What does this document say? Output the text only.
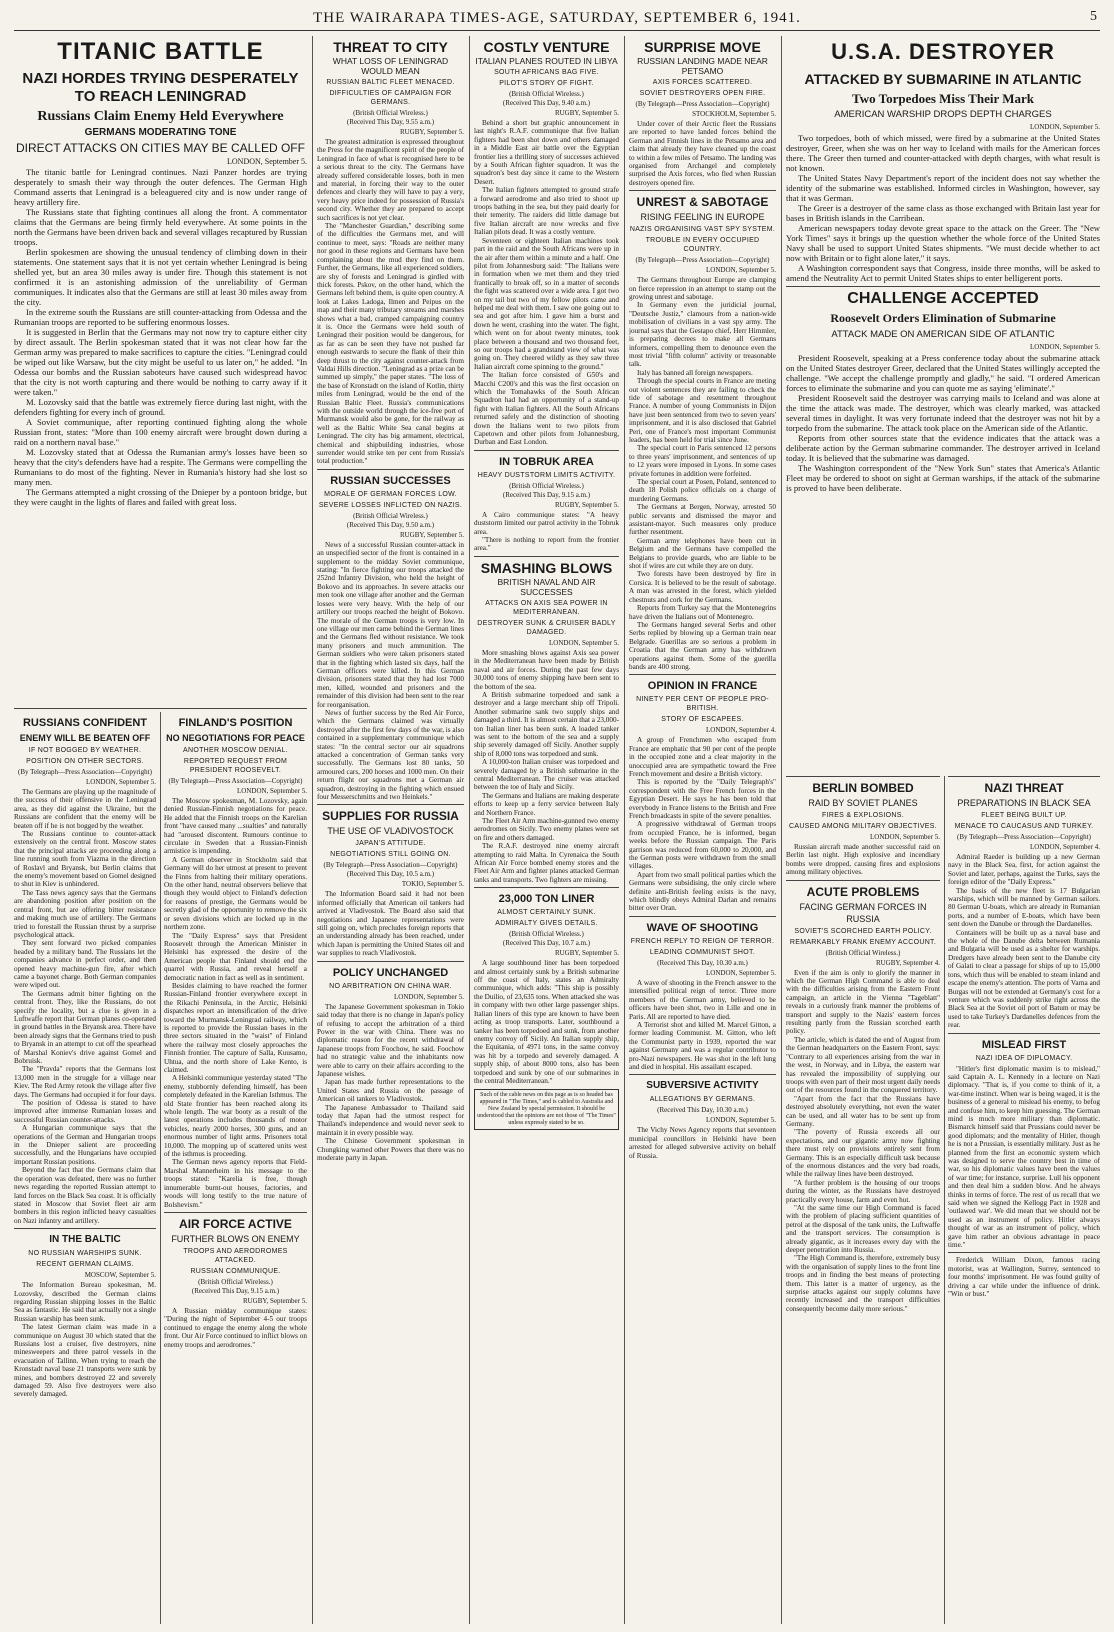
THE WAIRARAPA TIMES-AGE, SATURDAY, SEPTEMBER 6, 1941.	5
TITANIC BATTLE
NAZI HORDES TRYING DESPERATELY TO REACH LENINGRAD
Russians Claim Enemy Held Everywhere
GERMANS MODERATING TONE
DIRECT ATTACKS ON CITIES MAY BE CALLED OFF
LONDON, September 5.

The titanic battle for Leningrad continues. Nazi Panzer hordes are trying desperately to smash their way through the outer defences. The German High Command asserts that Leningrad is a beleaguered city and is now under range of heavy artillery fire.

The Russians state that fighting continues all along the front. A commentator claims that the Germans are being firmly held everywhere. At some points in the north the Germans have been driven back and several villages recaptured by Russian troops.

Berlin spokesmen are showing the unusual tendency of climbing down in their statements. One statement says that it is not yet certain whether Leningrad is being shelled yet, but an area 30 miles away is under fire. Though this statement is not confirmed it is an astonishing admission of the unreliability of German communiques. It indicates also that the Germans are still at least 30 miles away from the city.

In the extreme south the Russians are still counter-attacking from Odessa and the Rumanian troops are reported to be suffering enormous losses.

It is suggested in Berlin that the Germans may not now try to capture either city by direct assault. The Berlin spokesman stated that it was not clear how far the German army was prepared to make sacrifices to capture the cities. "Leningrad could be wiped out like Warsaw, but the city might be useful to us later on," he added. "In Odessa our bombs and the Russian saboteurs have caused such widespread havoc that the city is not worth capturing and there would be nothing to carry away if it were taken."

M. Lozovsky said that the battle was extremely fierce during last night, with the defenders fighting for every inch of ground.

A Soviet communique, after reporting continued fighting along the whole Russian front, states: "More than 100 enemy aircraft were brought down during a raid on a northern naval base."

M. Lozovsky stated that at Odessa the Rumanian army's losses have been so heavy that the city's defenders have had a respite. The Germans were compelling the Rumanians to do most of the fighting. Never in Rumania's history had she lost so many men.

The Germans attempted a night crossing of the Dnieper by a pontoon bridge, but they were caught in the lights of flares and failed with great loss.

RUSSIANS CONFIDENT
ENEMY WILL BE BEATEN OFF
IF NOT BOGGED BY WEATHER.
POSITION ON OTHER SECTORS.
(By Telegraph—Press Association—Copyright)
LONDON, September 5.

The Germans are playing up the magnitude of the success of their offensive in the Leningrad area, as they did against the Ukraine, but the Russians are confident that the enemy will be beaten off if he is not bogged by the weather.

The Russians continue to counter-attack extensively on the central front. Moscow states that the principal attacks are proceeding along a line running south from Viazma in the direction of Roslavl and Bryansk, but Berlin claims that the enemy's movement based on Gomel designed to shut in Kiev is unhindered.

The Tass news agency says that the Germans are abandoning position after position on the central front, but are offering bitter resistance and making much use of artillery. The Germans tried to forestall the Russian thrust by a surprise psychological attack.

They sent forward two picked companies headed by a military band. The Russians let the companies advance in perfect order, and then opened heavy machine-gun fire, after which came a bayonet charge. Both German companies were wiped out.

The Germans admit bitter fighting on the central front. They, like the Russians, do not specify the locality, but a clue is given in a Luftwaffe report that German planes co-operated in ground battles in the Bryansk area. There have been already signs that the Germans tried to push to Bryansk in an attempt to cut off the spearhead of Marshal Koniev's drive against Gomel and Bobruisk.

The "Pravda" reports that the Germans lost 13,000 men in the struggle for a village near Kiev. The Red Army retook the village after five days. The Germans had occupied it for four days.

The position of Odessa is stated to have improved after immense Rumanian losses and successful Russian counter-attacks.

A Hungarian communique says that the operations of the German and Hungarian troops in the Dnieper salient are proceeding successfully, and the Hungarians have occupied important Russian positions.

Beyond the fact that the Germans claim that the operation was defeated, there was no further news regarding the reported Russian attempt to land forces on the Black Sea coast. It is officially stated in Moscow that Soviet fleet air arm bombers in this region inflicted heavy casualties on Nazi infantry and artillery.

IN THE BALTIC
NO RUSSIAN WARSHIPS SUNK.
RECENT GERMAN CLAIMS.
MOSCOW, September 5.

The Information Bureau spokesman, M. Lozovsky, described the German claims regarding Russian shipping losses in the Baltic Sea as fantastic. He said that actually not a single Russian warship has been sunk.

The latest German claim was made in a communique on August 30 which stated that the Russians lost a cruiser, five destroyers, nine minesweepers and three patrol vessels in the evacuation of Tallinn. When trying to reach the Kronstadt naval base 21 transports were sunk by mines, and bombers destroyed 22 and severely damaged 59. Also five destroyers were also severely damaged.

FINLAND'S POSITION
NO NEGOTIATIONS FOR PEACE
ANOTHER MOSCOW DENIAL.
REPORTED REQUEST FROM PRESIDENT ROOSEVELT.
(By Telegraph—Press Association—Copyright)
LONDON, September 5.

The Moscow spokesman, M. Lozovsky, again denied Russian-Finnish negotiations for peace. He added that the Finnish troops on the Karelian front "have caused many ...sualties" and naturally had "aroused discontent. Rumours continue to circulate in Sweden that a Russian-Finnish armistice is impending.

A German observer in Stockholm said that Germany will do her utmost at present to prevent the Finns from halting their military operations. On the other hand, neutral observers believe that though they would object to Finland's defection for reasons of prestige, the Germans would be secretly glad of the opportunity to remove the six or seven divisions which are locked up in the northern zone.

The "Daily Express" says that President Roosevelt through the American Minister in Helsinki has expressed the desire of the American people that Finland should end the quarrel with Russia, and reveal herself a democratic nation in fact as well as in sentiment.

Besides claiming to have reached the former Russian-Finland frontier everywhere except in the Rikachi Peninsula, in the Arctic, Helsinki dispatches report an intensification of the drive toward the Murmansk-Leningrad railway, which is reported to provide the Russian bases in the three sectors situated in the "waist" of Finland where the railway most closely approaches the Finnish frontier. The capture of Salla, Kuusamo, Uhtua, and the north shore of Lake Kento, is claimed.

A Helsinki communique yesterday stated "The enemy, stubbornly defending himself, has been completely defeated in the Karelian Isthmus. The old State frontier has been reached along its whole length. The war booty as a result of the latest operations includes thousands of motor vehicles, nearly 2000 horses, 300 guns, and an enormous number of light arms. Prisoners total 10,000. The mopping up of scattered units west of the isthmus is proceeding.

The German news agency reports that Field-Marshal Mannerheim in his message to the troops stated: "Karelia is free, though innumerable burnt-out houses, factories, and woods will long testify to the true nature of Bolshevism."

AIR FORCE ACTIVE
FURTHER BLOWS ON ENEMY
TROOPS AND AERODROMES ATTACKED.
RUSSIAN COMMUNIQUE.
(British Official Wireless.)
(Received This Day, 9.15 a.m.)
RUGBY, September 5.

A Russian midday communique states: "During the night of September 4-5 our troops continued to engage the enemy along the whole front. Our Air Force continued to inflict blows on enemy troops and aerodromes."

THREAT TO CITY
WHAT LOSS OF LENINGRAD WOULD MEAN
RUSSIAN BALTIC FLEET MENACED.
DIFFICULTIES OF CAMPAIGN FOR GERMANS.
(British Official Wireless.)
(Received This Day, 9.55 a.m.)
RUGBY, September 5.

The greatest admiration is expressed throughout the Press for the magnificent spirit of the people of Leningrad in face of what is recognised here to be a serious threat to the city. The Germans have already suffered considerable losses, both in men and material, in forcing their way to the outer defences and clearly they will have to pay a very, very heavy price indeed for possession of Russia's second city. Whether they are prepared to accept such sacrifices is not yet clear.

The "Manchester Guardian," describing some of the difficulties the Germans met, and will continue to meet, says: "Roads are neither many nor good in these regions and Germans have been complaining about the mud they find on them. Further, the Germans, like all experienced soldiers, are shy of forests and Leningrad is girdled with thick forests. Pskov, on the other hand, which the Germans left behind them, is quite open country. A look at Lakes Ladoga, Ilmen and Peipus on the map and their many tributary streams and marshes shows what a bad, cramped campaigning country it is. Once the Germans were held south of Leningrad their position would be dangerous, for as far as can be seen they have not pushed far enough eastwards to secure the flank of their thin deep thrust to the city against counter-attack from Valdai Hills direction. "Leningrad as a prize can be summed up simply," the paper states. "The loss of the base of Kronstadt on the island of Kotlin, thirty miles from Leningrad, would be the end of the Russian Baltic Fleet. Russia's communications with the outside world through the ice-free port of Murmansk would also be gone, for the railway as well as the Baltic White Sea canal begins at Leningrad. The city has big armament, electrical, chemical and shipbuilding industries, whose surrender would strike ten per cent from Russia's total production."

RUSSIAN SUCCESSES
MORALE OF GERMAN FORCES LOW.
SEVERE LOSSES INFLICTED ON NAZIS.
(British Official Wireless.)
(Received This Day, 9.50 a.m.)
RUGBY, September 5.

News of a successful Russian counter-attack in an unspecified sector of the front is contained in a supplement to the midday Soviet communique, stating: "In fierce fighting our troops attacked the 252nd Infantry Division, who held the height of Bokovo and its approaches. In severe attacks our men took one village after another and the German losses were very heavy. With the help of our artillery our troops reached the height of Bokovo. The morale of the German troops is very low. In one village our men came behind the German lines and the Germans fled without resistance. We took many prisoners and much ammunition. The German soldiers who were taken prisoners stated that in the fighting which lasted six days, half the German officers were killed. In this German division, prisoners stated that they had lost 7000 men, killed, wounded and prisoners and the remainder of this division had been sent to the rear for reorganisation.

News of further success by the Red Air Force, which the Germans claimed was virtually destroyed after the first few days of the war, is also contained in a supplementary communique which states: "In the central sector our air squadrons attacked a concentration of German tanks very successfully. The Germans lost 80 tanks, 50 armoured cars, 200 horses and 1000 men. On their return flight our squadrons met a German air squadron, destroying in the fighting which ensued four Messerschmitts and two Heinkels."

SUPPLIES FOR RUSSIA
THE USE OF VLADIVOSTOCK
JAPAN'S ATTITUDE.
NEGOTIATIONS STILL GOING ON.
(By Telegraph—Press Association—Copyright)
(Received This Day, 10.5 a.m.)
TOKIO, September 5.

The Information Board said it had not been informed officially that American oil tankers had arrived at Vladivostok. The Board also said that negotiations and Japanese representations were still going on, which precludes foreign reports that an understanding already has been reached, under which Japan is permitting the United States oil and war supplies to reach Vladivostok.

POLICY UNCHANGED
NO ARBITRATION ON CHINA WAR.
LONDON, September 5.

The Japanese Government spokesman in Tokio said today that there is no change in Japan's policy of refusing to accept the arbitration of a third Power in the war with China. There was no diplomatic reason for the recent withdrawal of Japanese troops from Foochow, he said. Foochow had no strategic value and the inhabitants now were able to carry on their affairs according to the Japanese wishes.

Japan has made further representations to the United States and Russia on the passage of American oil tankers to Vladivostok.

The Japanese Ambassador to Thailand said today that Japan had the utmost respect for Thailand's independence and would never seek to maintain it in every possible way.

The Chinese Government spokesman in Chungking warned other Powers that there was no moderate party in Japan.

COSTLY VENTURE
ITALIAN PLANES ROUTED IN LIBYA
SOUTH AFRICANS BAG FIVE.
PILOT'S STORY OF FIGHT.
(British Official Wireless.)
(Received This Day, 9.40 a.m.)
RUGBY, September 5.

Behind a short but graphic announcement in last night's R.A.F. communique that five Italian fighters had been shot down and others damaged in a Middle East air battle over the Egyptian frontier lies a thrilling story of successes achieved by a South African fighter squadron. It was the squadron's best day since it came to the Western Desert.

The Italian fighters attempted to ground strafe a forward aerodrome and also tried to shoot up troops bathing in the sea, but they paid dearly for their temerity. The raiders did little damage but five Italian aircraft are now wrecks and five Italian pilots dead. It was a costly venture.

Seventeen or eighteen Italian machines took part in the raid and the South Africans were up in the air after them within a minute and a half. One pilot from Johannesburg said: "The Italians were in formation when we met them and they tried frantically to break off, so in a matter of seconds the fight was scattered over a wide area. I got two on my tail but two of my fellow pilots came and helped me deal with them. I saw one going out to sea and got after him. I gave him a burst and down he went, crashing into the water. The fight, which went on for about twenty minutes, took place between a thousand and two thousand feet, so our troops had a grandstand view of what was going on. They cheered wildly as they saw three Italian aircraft come spinning to the ground."

The Italian force consisted of G50's and Macchi C200's and this was the first occasion on which the Tomahawks of the South African Squadron had had an opportunity of a stand-up fight with Italian fighters. All the South Africans returned safely and the distinction of shooting down the Italians went to two pilots from Capetown and other pilots from Johannesburg, Durban and East London.

IN TOBRUK AREA
HEAVY DUSTSTORM LIMITS ACTIVITY.
(British Official Wireless.)
(Received This Day, 9.15 a.m.)
RUGBY, September 5.

A Cairo communique states: "A heavy duststorm limited our patrol activity in the Tobruk area.

"There is nothing to report from the frontier area."

SMASHING BLOWS
BRITISH NAVAL AND AIR SUCCESSES
ATTACKS ON AXIS SEA POWER IN MEDITERRANEAN.
DESTROYER SUNK & CRUISER BADLY DAMAGED.
LONDON, September 5.

More smashing blows against Axis sea power in the Mediterranean have been made by British naval and air forces. During the past few days 30,000 tons of enemy shipping have been sent to the bottom of the sea.

A British submarine torpedoed and sank a destroyer and a large merchant ship off Tripoli. Another submarine sank two supply ships and damaged a third. It is almost certain that a 23,000-ton Italian liner has been sunk. A loaded tanker was sent to the bottom of the sea and a supply ship severely damaged off Sicily. Another supply ship of 8,000 tons was torpedoed and sunk.

A 10,000-ton Italian cruiser was torpedoed and severely damaged by a British submarine in the central Mediterranean. The cruiser was attacked between the toe of Italy and Sicily.

The Germans and Italians are making desperate efforts to keep up a ferry service between Italy and Northern France.

The Fleet Air Arm machine-gunned two enemy aerodromes on Sicily. Two enemy planes were set on fire and others damaged.

The R.A.F. destroyed nine enemy aircraft attempting to raid Malta. In Cyrenaica the South African Air Force bombed enemy stores and the Fleet Air Arm and fighter planes attacked German tanks and transports. Two fighters are missing.

23,000 TON LINER
ALMOST CERTAINLY SUNK.
ADMIRALTY GIVES DETAILS.
(British Official Wireless.)
(Received This Day, 10.7 a.m.)
RUGBY, September 5.

A large southbound liner has been torpedoed and almost certainly sunk by a British submarine off the coast of Italy, states an Admiralty communique, which adds: "This ship is possibly the Duilio, of 23,635 tons. When attacked she was in company with two other large passenger ships. Italian liners of this type are known to have been acting as troop transports. Later, southbound a tanker has been torpedoed and sunk, from another enemy convoy off Sicily. An Italian supply ship, the Equitania, of 4971 tons, in the same convoy was hit by a torpedo and severely damaged. A supply ship, of about 8000 tons, also has been torpedoed and sunk by one of our submarines in the central Mediterranean."

Such of the cable news on this page as is so headed has appeared in "The Times," and is cabled to Australia and New Zealand by special permission. It should be understood that the opinions are not those of "The Times" unless expressly stated to be so.
SURPRISE MOVE
RUSSIAN LANDING MADE NEAR PETSAMO
AXIS FORCES SCATTERED.
SOVIET DESTROYERS OPEN FIRE.
(By Telegraph—Press Association—Copyright)
STOCKHOLM, September 5.

Under cover of their Arctic fleet the Russians are reported to have landed forces behind the German and Finnish lines in the Petsamo area and claim that already they have cleaned up the coast to within a few miles of Petsamo. The landing was organised from Archangel and completely surprised the Axis forces, who fled when Russian destroyers opened fire.

UNREST & SABOTAGE
RISING FEELING IN EUROPE
NAZIS ORGANISING VAST SPY SYSTEM.
TROUBLE IN EVERY OCCUPIED COUNTRY.
(By Telegraph—Press Association—Copyright)
LONDON, September 5.

The Germans throughout Europe are clamping on fierce repression in an attempt to stamp out the growing unrest and sabotage.

In Germany even the juridicial journal, "Deutsche Justiz," clamours from a nation-wide mobilisation of civilians in a vast spy army. The journal says that the Gestapo chief, Herr Himmler, is preparing decrees to make all Germans informers, compelling them to denounce even the most trivial "fifth column" activity or treasonable talk.

Italy has banned all foreign newspapers.

Through the special courts in France are meting out violent sentences they are failing to check the tide of sabotage and resentment throughout France. A number of young Communists in Dijon have just been sentenced from two to seven years' imprisonment, and it is also disclosed that Gabriel Peri, one of France's most important Communist leaders, has been held for trial since June.

The special court in Paris sentenced 12 persons to three years' imprisonment, and sentences of up to 12 years were imposed in Lyons. In some cases private fortunes in addition were forfeited.

The special court at Posen, Poland, sentenced to death 18 Polish police officials on a charge of murdering Germans.

The Germans at Bergen, Norway, arrested 50 public servants and dismissed the mayor and assistant-mayor. Such measures only produce further resentment.

German army telephones have been cut in Belgium and the Germans have compelled the Belgians to provide guards, who are liable to be shot if wires are cut while they are on duty.

Two forests have been destroyed by fire in Corsica. It is believed to be the result of sabotage. A man was arrested in the forest, which yielded chestnuts and cork for the Germans.

Reports from Turkey say that the Montenegrins have driven the Italians out of Montenegro.

The Germans hanged several Serbs and other Serbs replied by blowing up a German train near Belgrade. Guerillas are so serious a problem in Croatia that the German army has withdrawn operations against them. Some of the guerilla bands are 400 strong.

OPINION IN FRANCE
NINETY PER CENT OF PEOPLE PRO-BRITISH.
STORY OF ESCAPEES.
LONDON, September 4.

A group of Frenchmen who escaped from France are emphatic that 90 per cent of the people in the occupied zone and a clear majority in the unoccupied area are sympathetic toward the Free French movement and desire a British victory.

This is reported by the "Daily Telegraph's" correspondent with the Free French forces in the Egyptian Desert. He says he has been told that everybody in France listens to the British and Free French broadcasts in spite of the severe penalties.

A progressive withdrawal of German troops from occupied France, he is informed, began weeks before the Russian campaign. The Paris garrison was reduced from 60,000 to 20,000, and the German posts were withdrawn from the small villages.

Apart from two small political parties which the Germans were subsidising, the only circle where definite anti-British feeling exists is the navy, which blindly obeys Admiral Darlan and remains bitter over Oran.

WAVE OF SHOOTING
FRENCH REPLY TO REIGN OF TERROR.
LEADING COMMUNIST SHOT.
(Received This Day, 10.30 a.m.)
LONDON, September 5.

A wave of shooting in the French answer to the intensified political reign of terror. Three more members of the German army, believed to be officers have been shot, two in Lille and one in Paris. All are reported to have died.

A Terrorist shot and killed M. Marcel Gitton, a former leading Communist. M. Gitton, who left the Communist party in 1939, reported the war against Germany and was a regular contributor to pro-Nazi newspapers. He was shot in the left lung and died in hospital. His assailant escaped.

SUBVERSIVE ACTIVITY
ALLEGATIONS BY GERMANS.
(Received This Day, 10.30 a.m.)
LONDON, September 5.

The Vichy News Agency reports that seventeen municipal councillors in Helsinki have been arrested for alleged subversive activity on behalf of Russia.

U.S.A. DESTROYER
ATTACKED BY SUBMARINE IN ATLANTIC
Two Torpedoes Miss Their Mark
AMERICAN WARSHIP DROPS DEPTH CHARGES
LONDON, September 5.

Two torpedoes, both of which missed, were fired by a submarine at the United States destroyer, Greer, when she was on her way to Iceland with mails for the American forces there. The Greer then turned and counter-attacked with depth charges, with what result is not known.

The United States Navy Department's report of the incident does not say whether the identity of the submarine was established. Informed circles in Washington, however, say that it was German.

The Greer is a destroyer of the same class as those exchanged with Britain last year for bases in British islands in the Carribean.

American newspapers today devote great space to the attack on the Greer. The "New York Times" says it brings up the question whether the whole force of the United States Navy shall be used to support United States shipments. "We must decide whether to act now with Britain or to fight alone later," it says.

A Washington correspondent says that Congress, inside three months, will be asked to amend the Neutrality Act to permit United States ships to enter belligerent ports.

CHALLENGE ACCEPTED
Roosevelt Orders Elimination of Submarine
ATTACK MADE ON AMERICAN SIDE OF ATLANTIC
LONDON, September 5.

President Roosevelt, speaking at a Press conference today about the submarine attack on the United States destroyer Greer, declared that the United States willingly accepted the challenge. "We accept the challenge promptly and gladly," he said. "I ordered American forces to eliminate the submarine and you can quote me as saying 'eliminate'."

President Roosevelt said the destroyer was carrying mails to Iceland and was alone at the time the attack was made. The destroyer, which was clearly marked, was attacked several times in daylight. It was very fortunate indeed that the destroyer was not hit by a torpedo from the submarine. The attack took place on the American side of the Atlantic.

Reports from other sources state that the evidence indicates that the attack was a deliberate action by the German submarine commander. The destroyer arrived in Iceland today. It is believed that the submarine was damaged.

The Washington correspondent of the "New York Sun" states that America's Atlantic Fleet may be ordered to shoot on sight at German warships, if the attack of the submarine is proved to have been deliberate.

BERLIN BOMBED
RAID BY SOVIET PLANES
FIRES & EXPLOSIONS.
CAUSED AMONG MILITARY OBJECTIVES.
LONDON, September 5.

Russian aircraft made another successful raid on Berlin last night. High explosive and incendiary bombs were dropped, causing fires and explosions among military objectives.

ACUTE PROBLEMS
FACING GERMAN FORCES IN RUSSIA
SOVIET'S SCORCHED EARTH POLICY.
REMARKABLY FRANK ENEMY ACCOUNT.
(British Official Wireless.)
RUGBY, September 4.

Even if the aim is only to glorify the manner in which the German High Command is able to deal with the difficulties arising from the Eastern Front campaign, an article in the Vienna "Tageblatt" reveals in a curiously frank manner the problems of transport and supply to the Nazis' eastern forces resulting partly from the Russian scorched earth policy.

The article, which is dated the end of August from the German headquarters on the Eastern Front, says: "Contrary to all experiences arising from the war in the west, in Norway, and in Libya, the eastern war has revealed the impossibility of supplying our troops with even part of their most urgent daily needs out of the resources found in the conquered territory.

"Apart from the fact that the Russians have destroyed absolutely everything, not even the water can be used, and all water has to be sent up from Germany.

"The poverty of Russia exceeds all our expectations, and our gigantic army now fighting there must rely on provisions entirely sent from Germany. This is an especially difficult task because of the enormous distances and the very bad roads, while the railway lines have been destroyed.

"A further problem is the housing of our troops during the winter, as the Russians have destroyed practically every house, farm and even hut.

"At the same time our High Command is faced with the problem of placing sufficient quantities of petrol at the disposal of the tank units, the Luftwaffe and the transport services. The consumption is already gigantic, as it increases every day with the deeper penetration into Russia.

"The High Command is, therefore, extremely busy with the organisation of supply lines to the front line troops and in finding the best means of protecting them. This latter is a matter of urgency, as the surprise attacks against our supply columns have recently increased and the transport difficulties consequently become daily more serious."

NAZI THREAT
PREPARATIONS IN BLACK SEA
FLEET BEING BUILT UP.
MENACE TO CAUCASUS AND TURKEY.
(By Telegraph—Press Association—Copyright)
LONDON, September 4.

Admiral Raeder is building up a new German navy in the Black Sea, first, for action against the Soviet and later, perhaps, against the Turks, says the foreign editor of the "Daily Express."

The basis of the new fleet is 17 Bulgarian warships, which will be manned by German sailors. 80 German U-boats, which are already in Rumanian ports, and a number of E-boats, which have been sent down the Danube or through the Dardanelles.

Containers will be built up as a naval base and the whole of the Danube delta between Rumania and Bulgaria will be used as a shelter for warships. Dredgers have already been sent to the Danube city of Galati to clear a passage for ships of up to 15,000 tons, which thus will be enabled to steam inland and escape the enemy's attention. The ports of Varna and Burgas will not be extended at Germany's cost for a venture which was suddenly strike right across the Black Sea at the Soviet oil port of Batum or may be used to take Turkey's Dardanelles defences from the rear.

MISLEAD FIRST
NAZI IDEA OF DIPLOMACY.

"Hitler's first diplomatic maxim is to mislead," said Captain A. L. Kennedy in a lecture on Nazi diplomacy. "That is, if you come to think of it, a war-time instinct. When war is being waged, it is the business of a general to mislead his enemy, to befog and confuse him, to keep him guessing. The German mind is much more military than diplomatic. Bismarck himself said that Prussians could never be good diplomats; and the mentality of Hitler, though he is not a Prussian, is essentially military. Just as he planned from the first an economic system which was designed to serve the country best in time of war, so his diplomatic values have been the values of war time; for instance, surprise. Lull his opponent and then deal him a sudden blow. And he always thinks in terms of force. The rest of us recall that we said when we signed the Kellogg Pact in 1928 and 'outlawed war'. We did mean that we should not be used as an instrument of policy. Hitler always thought of war as an instrument of policy, which gave him rather an obvious advantage in peace time."

Frederick William Dixon, famous racing motorist, was at Wallington, Surrey, sentenced to four months' imprisonment. He was found guilty of driving a car while under the influence of drink. "Win or bust."
